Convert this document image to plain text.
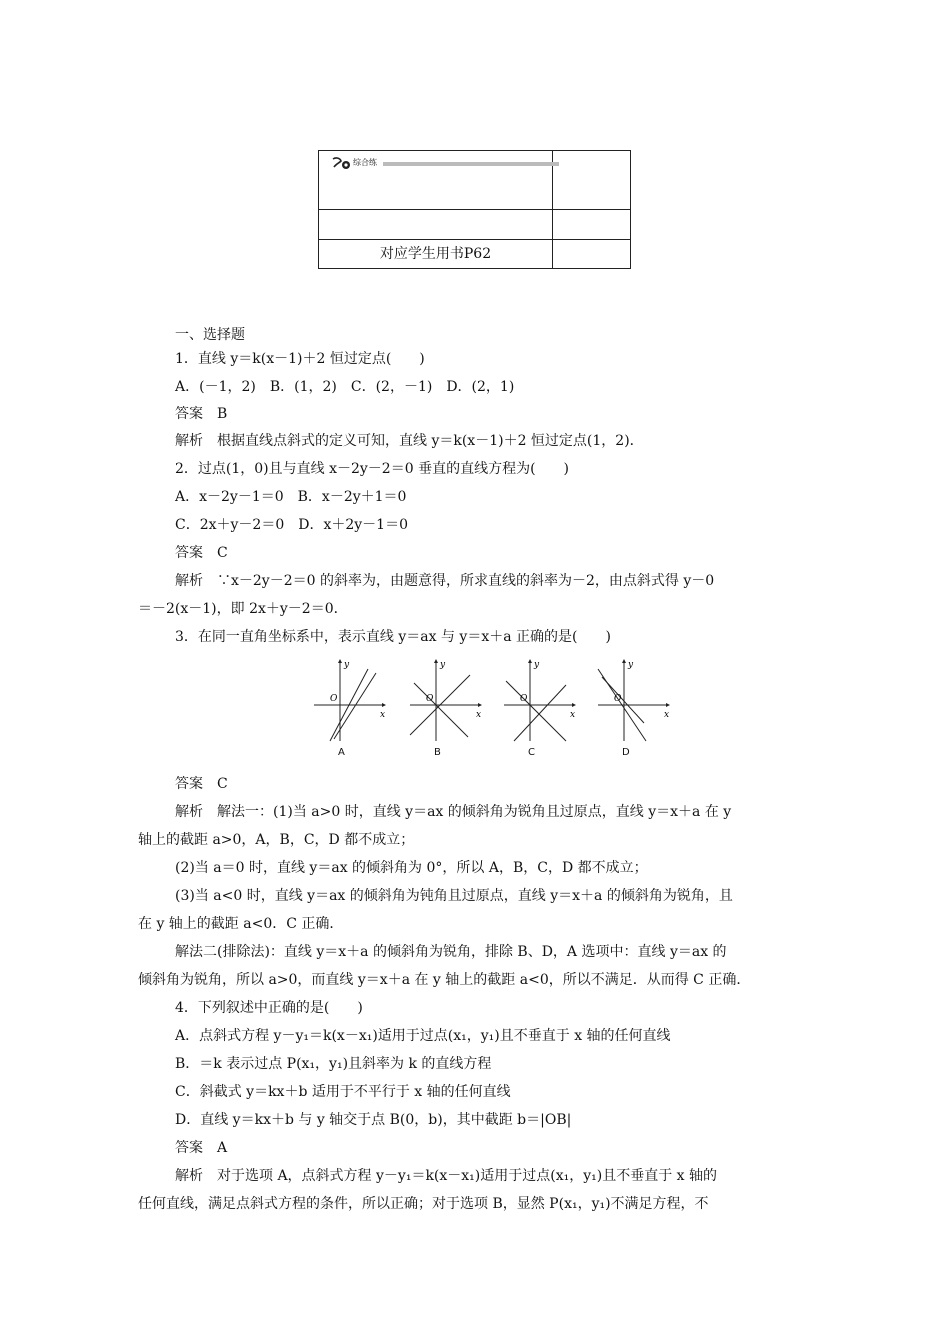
综合练
对应学生用书P62
一、选择题
1．直线 y＝k(x－1)＋2 恒过定点(　　)
A．(－1，2)　B．(1，2)　C．(2，－1)　D．(2，1)
答案　B
解析　根据直线点斜式的定义可知，直线 y＝k(x－1)＋2 恒过定点(1，2)．
2．过点(1，0)且与直线 x－2y－2＝0 垂直的直线方程为(　　)
A．x－2y－1＝0　B．x－2y＋1＝0
C．2x＋y－2＝0　D．x＋2y－1＝0
答案　C
解析　∵x－2y－2＝0 的斜率为，由题意得，所求直线的斜率为－2，由点斜式得 y－0
＝－2(x－1)，即 2x＋y－2＝0．
3．在同一直角坐标系中，表示直线 y＝ax 与 y＝x＋a 正确的是(　　)
y
x
O
A
y
x
O
B
y
x
O
C
y
x
O
D
答案　C
解析　解法一：(1)当 a>0 时，直线 y＝ax 的倾斜角为锐角且过原点，直线 y＝x＋a 在 y
轴上的截距 a>0，A，B，C，D 都不成立；
(2)当 a＝0 时，直线 y＝ax 的倾斜角为 0°，所以 A，B，C，D 都不成立；
(3)当 a<0 时，直线 y＝ax 的倾斜角为钝角且过原点，直线 y＝x＋a 的倾斜角为锐角，且
在 y 轴上的截距 a<0．C 正确．
解法二(排除法)：直线 y＝x＋a 的倾斜角为锐角，排除 B、D，A 选项中：直线 y＝ax 的
倾斜角为锐角，所以 a>0，而直线 y＝x＋a 在 y 轴上的截距 a<0，所以不满足．从而得 C 正确．
4．下列叙述中正确的是(　　)
A．点斜式方程 y－y₁＝k(x－x₁)适用于过点(x₁，y₁)且不垂直于 x 轴的任何直线
B．＝k 表示过点 P(x₁，y₁)且斜率为 k 的直线方程
C．斜截式 y＝kx＋b 适用于不平行于 x 轴的任何直线
D．直线 y＝kx＋b 与 y 轴交于点 B(0，b)，其中截距 b＝|OB|
答案　A
解析　对于选项 A，点斜式方程 y－y₁＝k(x－x₁)适用于过点(x₁，y₁)且不垂直于 x 轴的
任何直线，满足点斜式方程的条件，所以正确；对于选项 B，显然 P(x₁，y₁)不满足方程，不
